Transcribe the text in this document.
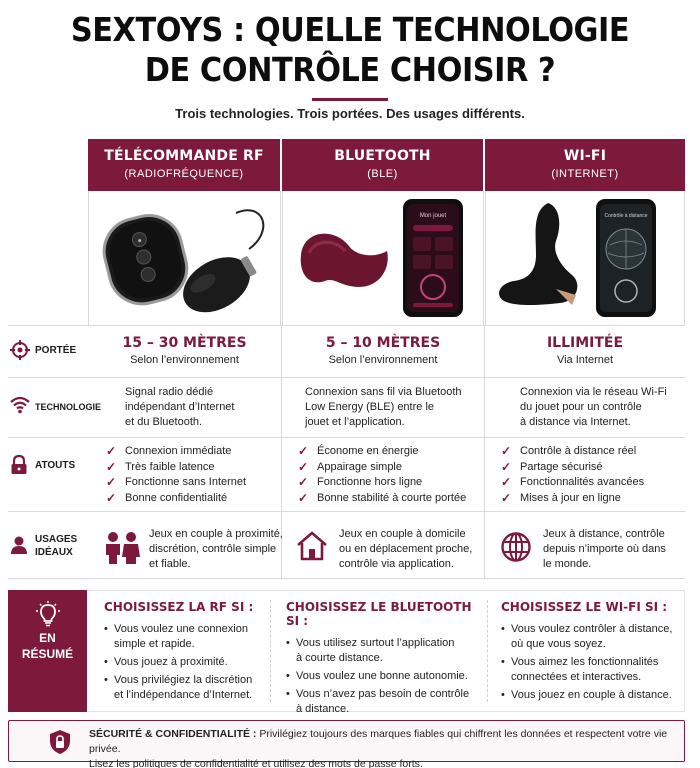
SEXTOYS : QUELLE TECHNOLOGIE
DE CONTRÔLE CHOISIR ?
Trois technologies. Trois portées. Des usages différents.
TÉLÉCOMMANDE RF
(RADIOFRÉQUENCE)
BLUETOOTH
(BLE)
WI-FI
(INTERNET)
●
Mon jouet	Contrôle à distance
PORTÉE	15 – 30 MÈTRES
Selon l’environnement
5 – 10 MÈTRES
Selon l’environnement
ILLIMITÉE
Via Internet
TECHNOLOGIE
Signal radio dédié
indépendant d’Internet
et du Bluetooth.
Connexion sans fil via Bluetooth
Low Energy (BLE) entre le
jouet et l’application.
Connexion via le réseau Wi-Fi
du jouet pour un contrôle
à distance via Internet.
ATOUTS
✓ Connexion immédiate
✓ Très faible latence
✓ Fonctionne sans Internet
✓ Bonne confidentialité
✓ Économe en énergie
✓ Appairage simple
✓ Fonctionne hors ligne
✓ Bonne stabilité à courte portée
✓ Contrôle à distance réel
✓ Partage sécurisé
✓ Fonctionnalités avancées
✓ Mises à jour en ligne
USAGES
IDÉAUX
Jeux en couple à proximité,
discrétion, contrôle simple
et fiable.
Jeux en couple à domicile
ou en déplacement proche,
contrôle via application.
Jeux à distance, contrôle
depuis n’importe où dans
le monde.
EN
RÉSUMÉ
CHOISISSEZ LA RF SI :
• Vous voulez une connexion
simple et rapide.
• Vous jouez à proximité.
• Vous privilégiez la discrétion
et l’indépendance d’Internet.
CHOISISSEZ LE BLUETOOTH SI :
• Vous utilisez surtout l’application
à courte distance.
• Vous voulez une bonne autonomie.
• Vous n’avez pas besoin de contrôle
à distance.
CHOISISSEZ LE WI-FI SI :
• Vous voulez contrôler à distance,
où que vous soyez.
• Vous aimez les fonctionnalités
connectées et interactives.
• Vous jouez en couple à distance.
SÉCURITÉ & CONFIDENTIALITÉ : Privilégiez toujours des marques fiables qui chiffrent les données et respectent votre vie privée.
Lisez les politiques de confidentialité et utilisez des mots de passe forts.
